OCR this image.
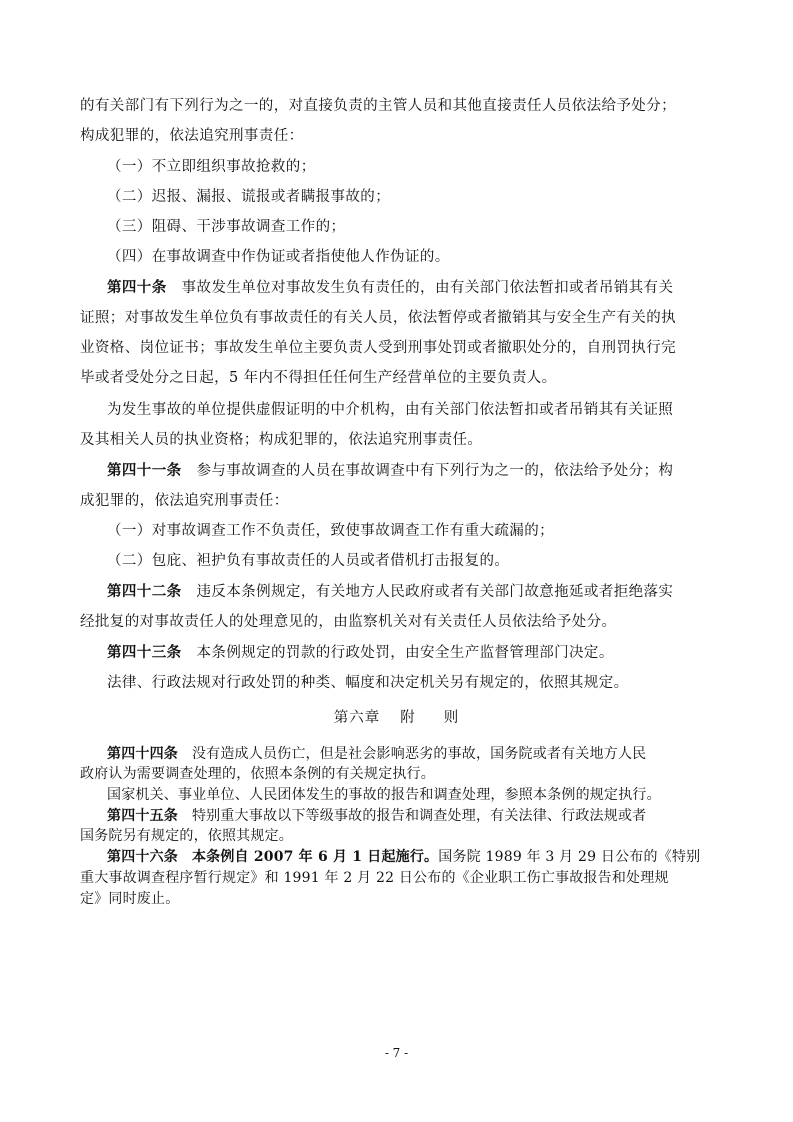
的有关部门有下列行为之一的，对直接负责的主管人员和其他直接责任人员依法给予处分；
构成犯罪的，依法追究刑事责任：
（一）不立即组织事故抢救的；
（二）迟报、漏报、谎报或者瞒报事故的；
（三）阻碍、干涉事故调查工作的；
（四）在事故调查中作伪证或者指使他人作伪证的。
第四十条 事故发生单位对事故发生负有责任的，由有关部门依法暂扣或者吊销其有关
证照；对事故发生单位负有事故责任的有关人员，依法暂停或者撤销其与安全生产有关的执
业资格、岗位证书；事故发生单位主要负责人受到刑事处罚或者撤职处分的，自刑罚执行完
毕或者受处分之日起，5 年内不得担任任何生产经营单位的主要负责人。
为发生事故的单位提供虚假证明的中介机构，由有关部门依法暂扣或者吊销其有关证照
及其相关人员的执业资格；构成犯罪的，依法追究刑事责任。
第四十一条 参与事故调查的人员在事故调查中有下列行为之一的，依法给予处分；构
成犯罪的，依法追究刑事责任：
（一）对事故调查工作不负责任，致使事故调查工作有重大疏漏的；
（二）包庇、袒护负有事故责任的人员或者借机打击报复的。
第四十二条 违反本条例规定，有关地方人民政府或者有关部门故意拖延或者拒绝落实
经批复的对事故责任人的处理意见的，由监察机关对有关责任人员依法给予处分。
第四十三条 本条例规定的罚款的行政处罚，由安全生产监督管理部门决定。
法律、行政法规对行政处罚的种类、幅度和决定机关另有规定的，依照其规定。
第六章 附 则
第四十四条 没有造成人员伤亡，但是社会影响恶劣的事故，国务院或者有关地方人民
政府认为需要调查处理的，依照本条例的有关规定执行。
国家机关、事业单位、人民团体发生的事故的报告和调查处理，参照本条例的规定执行。
第四十五条 特别重大事故以下等级事故的报告和调查处理，有关法律、行政法规或者
国务院另有规定的，依照其规定。
第四十六条 本条例自 2007 年 6 月 1 日起施行。国务院 1989 年 3 月 29 日公布的《特别
重大事故调查程序暂行规定》和 1991 年 2 月 22 日公布的《企业职工伤亡事故报告和处理规
定》同时废止。
- 7 -
